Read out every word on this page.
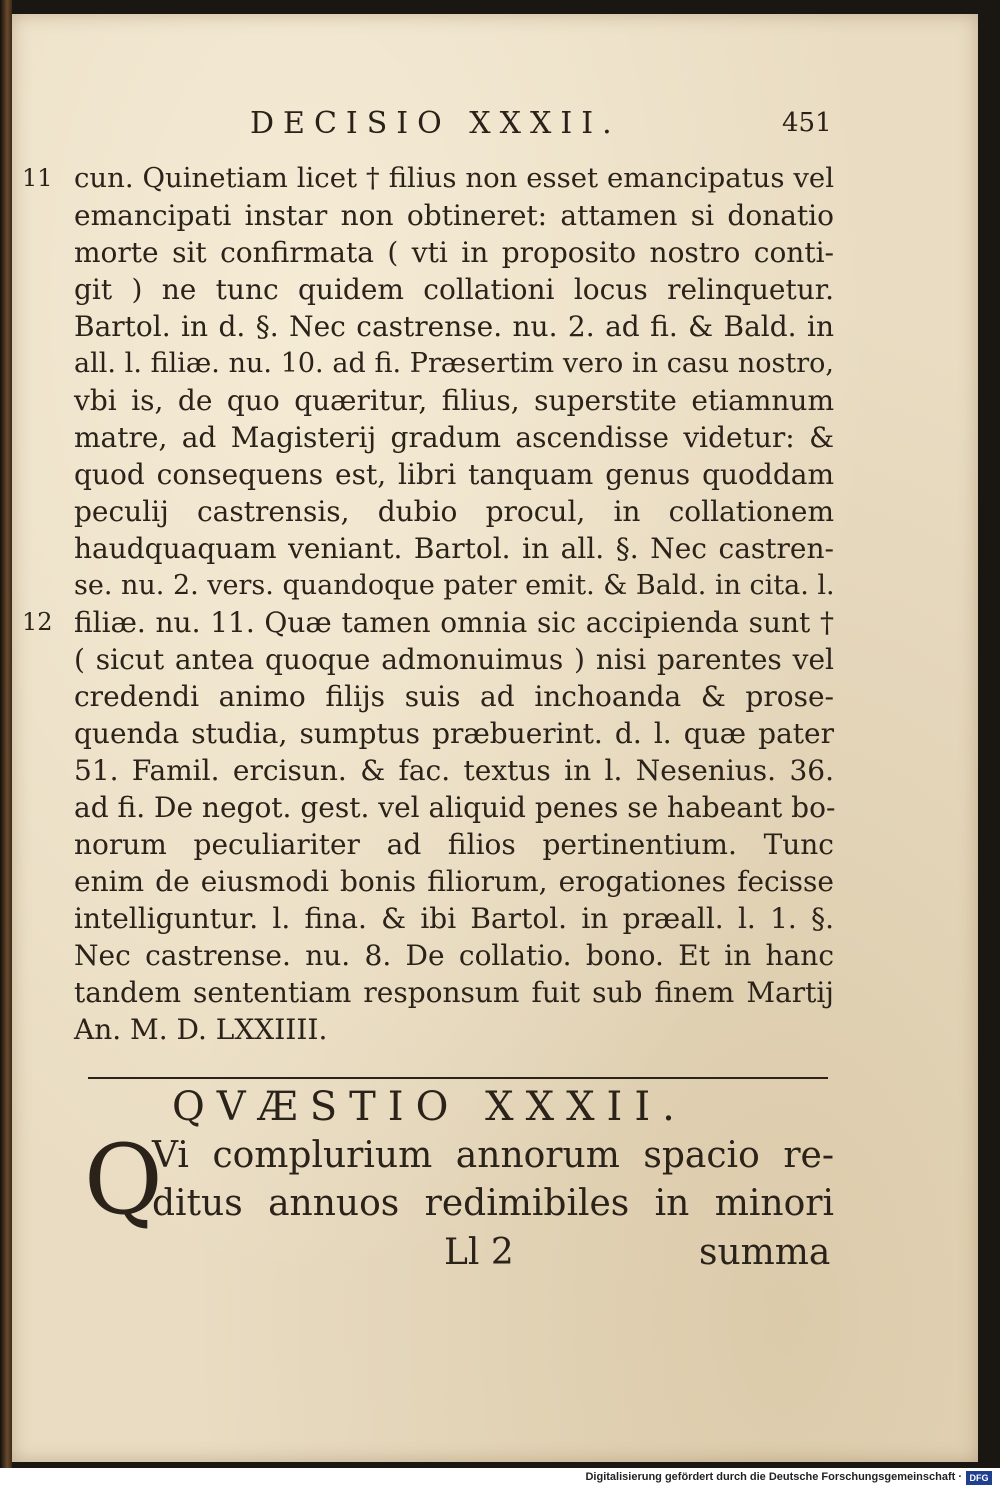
DECISIO XXXII.	451
11 cun. Quinetiam licet † filius non esset emancipatus vel
emancipati instar non obtineret: attamen si donatio
morte sit confirmata ( vti in proposito nostro conti-
git ) ne tunc quidem collationi locus relinquetur.
Bartol. in d. §. Nec castrense. nu. 2. ad fi. & Bald. in
all. l. filiæ. nu. 10. ad fi. Præsertim vero in casu nostro,
vbi is, de quo quæritur, filius, superstite etiamnum
matre, ad Magisterij gradum ascendisse videtur: &
quod consequens est, libri tanquam genus quoddam
peculij castrensis, dubio procul, in collationem
haudquaquam veniant. Bartol. in all. §. Nec castren-
se. nu. 2. vers. quandoque pater emit. & Bald. in cita. l.
12 filiæ. nu. 11. Quæ tamen omnia sic accipienda sunt †
( sicut antea quoque admonuimus ) nisi parentes vel
credendi animo filijs suis ad inchoanda & prose-
quenda studia, sumptus præbuerint. d. l. quæ pater
51. Famil. ercisun. & fac. textus in l. Nesenius. 36.
ad fi. De negot. gest. vel aliquid penes se habeant bo-
norum peculiariter ad filios pertinentium. Tunc
enim de eiusmodi bonis filiorum, erogationes fecisse
intelliguntur. l. fina. & ibi Bartol. in præall. l. 1. §.
Nec castrense. nu. 8. De collatio. bono. Et in hanc
tandem sententiam responsum fuit sub finem Martij
An. M. D. LXXIIII.
QVÆSTIO XXXII.
Q
Vi complurium annorum spacio re-
ditus annuos redimibiles in minori
Ll 2	summa
Digitalisierung gefördert durch die Deutsche Forschungsgemeinschaft · DFG
